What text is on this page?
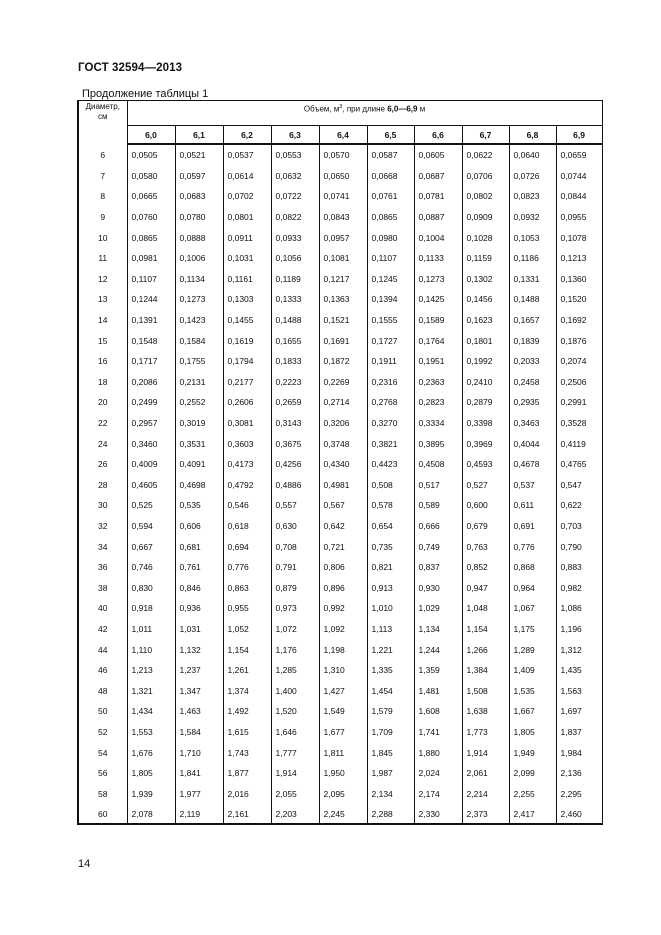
ГОСТ 32594—2013
Продолжение таблицы 1
Диаметр,
см	Объем, $м^3$, при длине 6,0—6,9 м									
	6,0	6,1	6,2	6,3	6,4	6,5	6,6	6,7	6,8	6,9
6	0,0505	0,0521	0,0537	0,0553	0,0570	0,0587	0,0605	0,0622	0,0640	0,0659
7	0,0580	0,0597	0,0614	0,0632	0,0650	0,0668	0,0687	0,0706	0,0726	0,0744
8	0,0665	0,0683	0,0702	0,0722	0,0741	0,0761	0,0781	0,0802	0,0823	0,0844
9	0,0760	0,0780	0,0801	0,0822	0,0843	0,0865	0,0887	0,0909	0,0932	0,0955
10	0,0865	0,0888	0,0911	0,0933	0,0957	0,0980	0,1004	0,1028	0,1053	0,1078
11	0,0981	0,1006	0,1031	0,1056	0,1081	0,1107	0,1133	0,1159	0,1186	0,1213
12	0,1107	0,1134	0,1161	0,1189	0,1217	0,1245	0,1273	0,1302	0,1331	0,1360
13	0,1244	0,1273	0,1303	0,1333	0,1363	0,1394	0,1425	0,1456	0,1488	0,1520
14	0,1391	0,1423	0,1455	0,1488	0,1521	0,1555	0,1589	0,1623	0,1657	0,1692
15	0,1548	0,1584	0,1619	0,1655	0,1691	0,1727	0,1764	0,1801	0,1839	0,1876
16	0,1717	0,1755	0,1794	0,1833	0,1872	0,1911	0,1951	0,1992	0,2033	0,2074
18	0,2086	0,2131	0,2177	0,2223	0,2269	0,2316	0,2363	0,2410	0,2458	0,2506
20	0,2499	0,2552	0,2606	0,2659	0,2714	0,2768	0,2823	0,2879	0,2935	0,2991
22	0,2957	0,3019	0,3081	0,3143	0,3206	0,3270	0,3334	0,3398	0,3463	0,3528
24	0,3460	0,3531	0,3603	0,3675	0,3748	0,3821	0,3895	0,3969	0,4044	0,4119
26	0,4009	0,4091	0,4173	0,4256	0,4340	0,4423	0,4508	0,4593	0,4678	0,4765
28	0,4605	0,4698	0,4792	0,4886	0,4981	0,508	0,517	0,527	0,537	0,547
30	0,525	0,535	0,546	0,557	0,567	0,578	0,589	0,600	0,611	0,622
32	0,594	0,606	0,618	0,630	0,642	0,654	0,666	0,679	0,691	0,703
34	0,667	0,681	0,694	0,708	0,721	0,735	0,749	0,763	0,776	0,790
36	0,746	0,761	0,776	0,791	0,806	0,821	0,837	0,852	0,868	0,883
38	0,830	0,846	0,863	0,879	0,896	0,913	0,930	0,947	0,964	0,982
40	0,918	0,936	0,955	0,973	0,992	1,010	1,029	1,048	1,067	1,086
42	1,011	1,031	1,052	1,072	1,092	1,113	1,134	1,154	1,175	1,196
44	1,110	1,132	1,154	1,176	1,198	1,221	1,244	1,266	1,289	1,312
46	1,213	1,237	1,261	1,285	1,310	1,335	1,359	1,384	1,409	1,435
48	1,321	1,347	1,374	1,400	1,427	1,454	1,481	1,508	1,535	1,563
50	1,434	1,463	1,492	1,520	1,549	1,579	1,608	1,638	1,667	1,697
52	1,553	1,584	1,615	1,646	1,677	1,709	1,741	1,773	1,805	1,837
54	1,676	1,710	1,743	1,777	1,811	1,845	1,880	1,914	1,949	1,984
56	1,805	1,841	1,877	1,914	1,950	1,987	2,024	2,061	2,099	2,136
58	1,939	1,977	2,016	2,055	2,095	2,134	2,174	2,214	2,255	2,295
60	2,078	2,119	2,161	2,203	2,245	2,288	2,330	2,373	2,417	2,460
14
